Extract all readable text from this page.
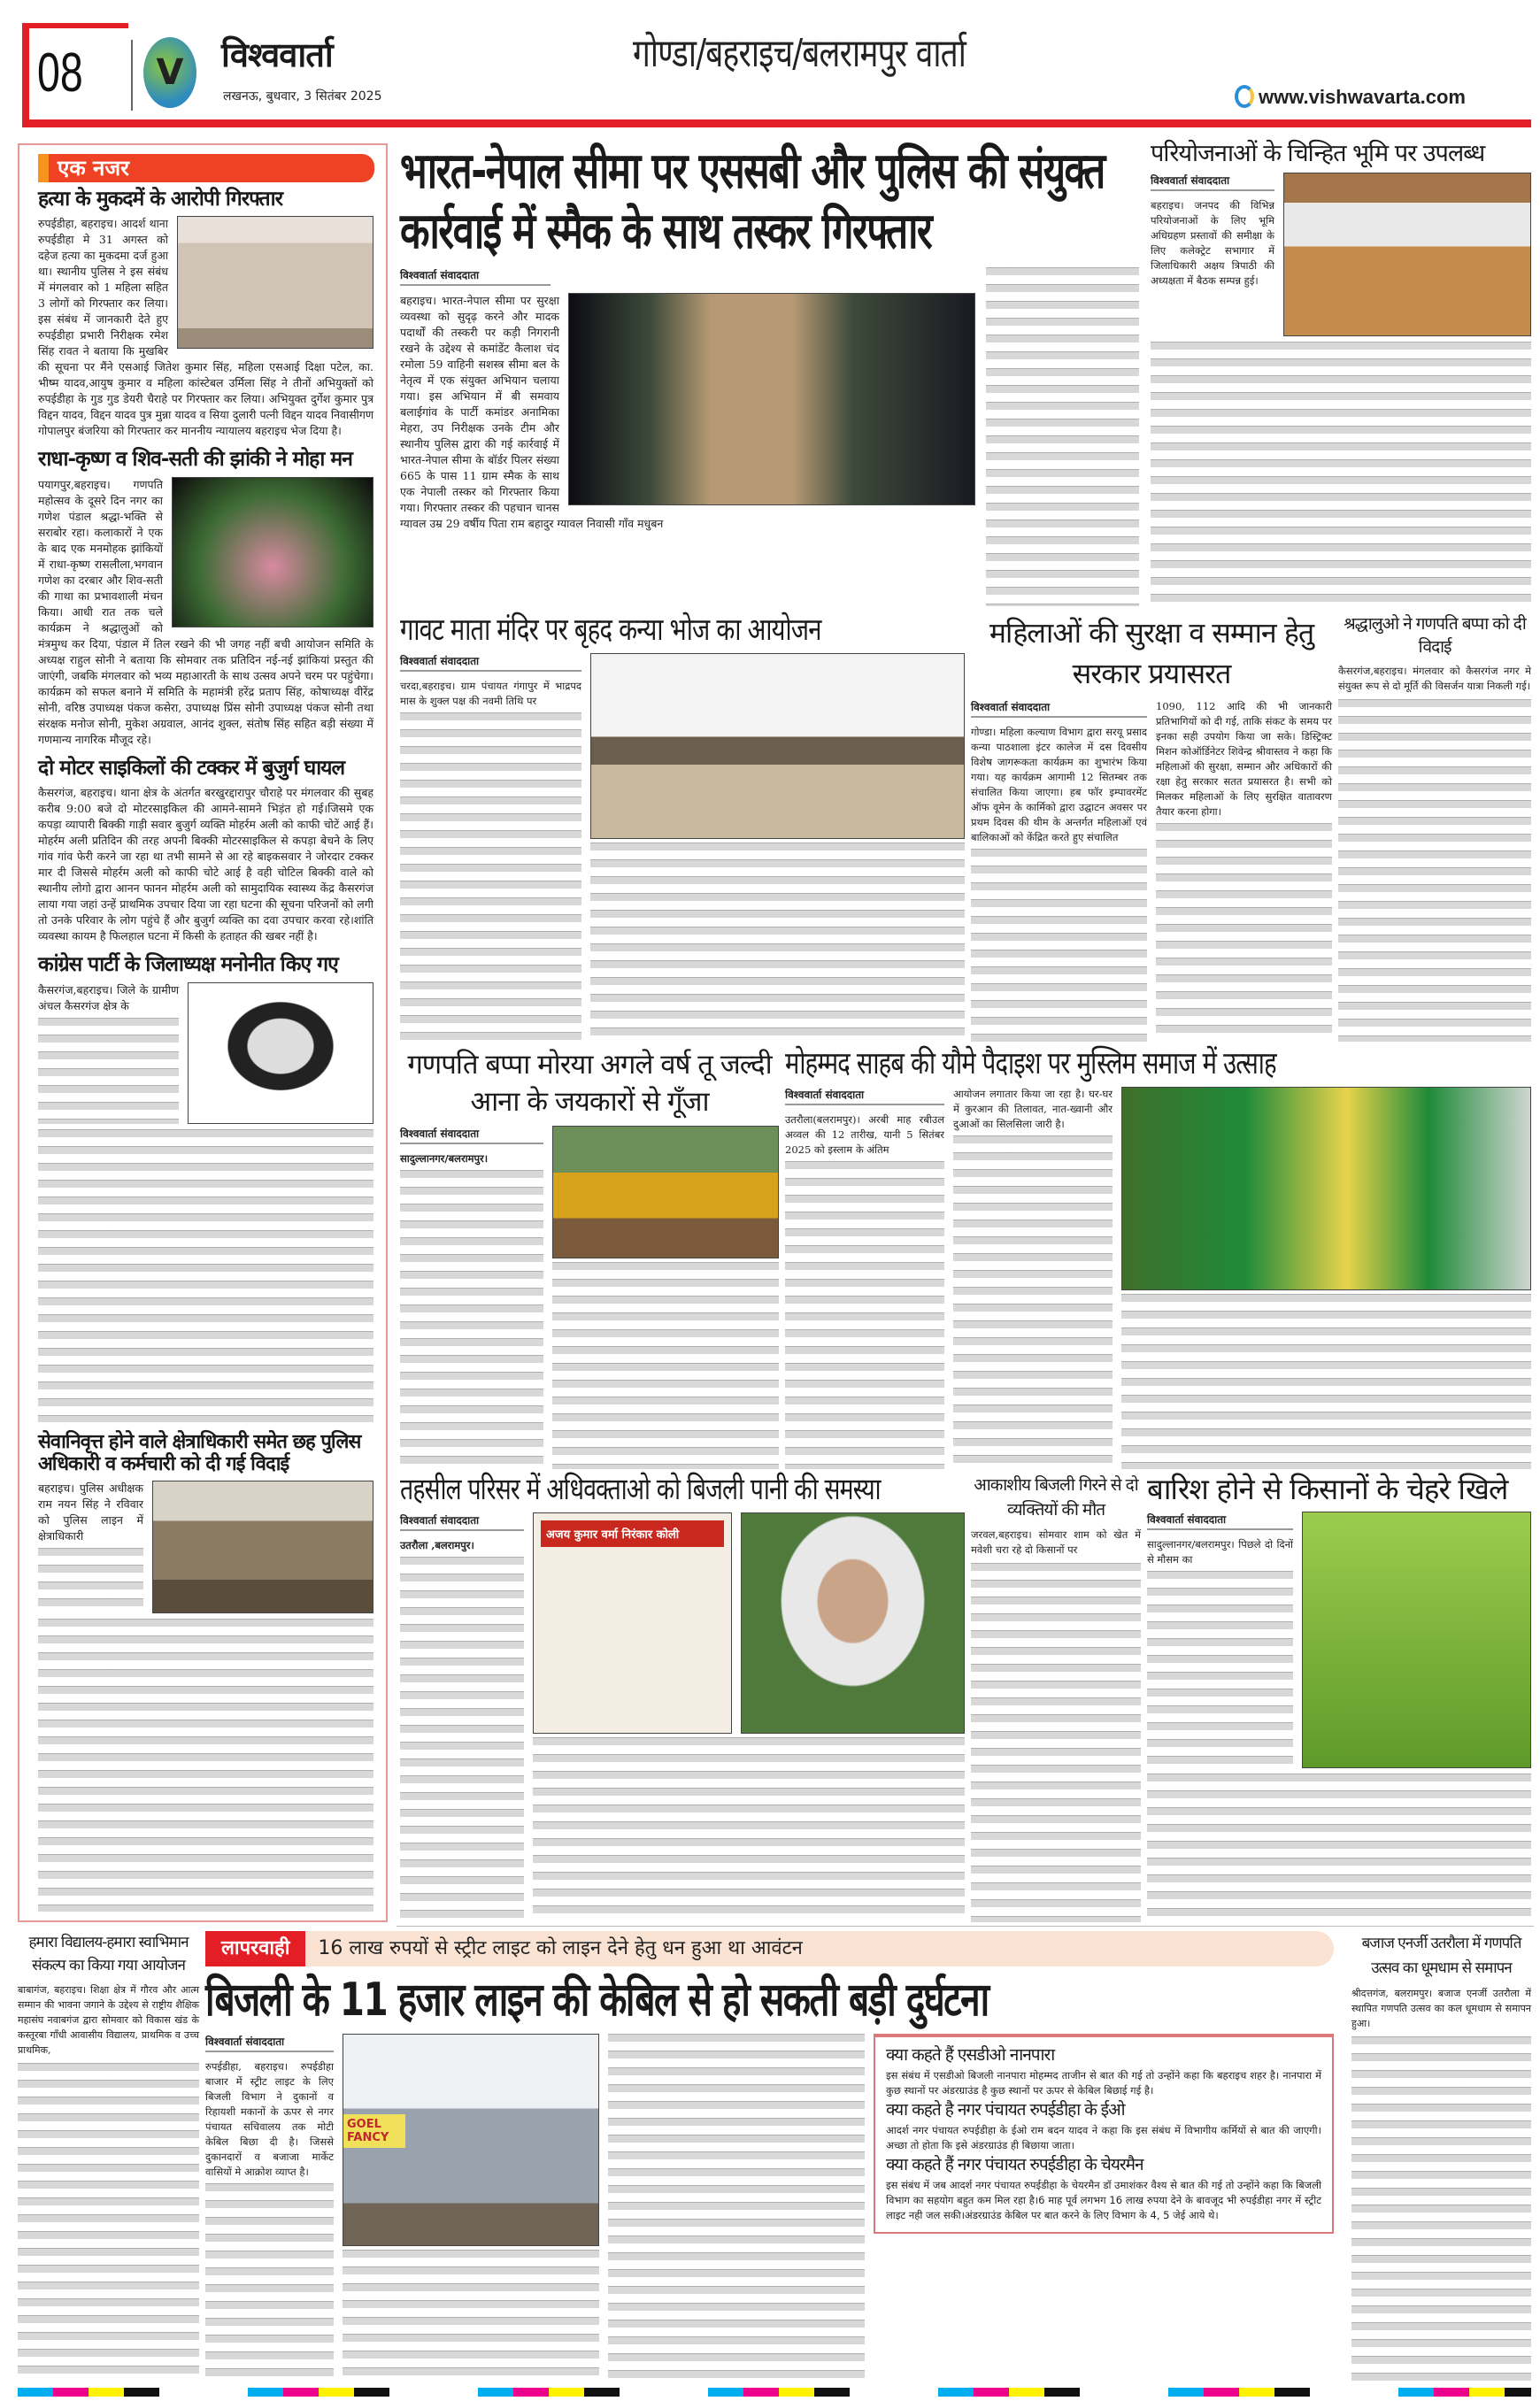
08	V	विश्ववार्ता
लखनऊ, बुधवार, 3 सितंबर 2025
गोण्डा/बहराइच/बलरामपुर वार्ता
www.vishwavarta.com
एक नजर
हत्या के मुकदमें के आरोपी गिरफ्तार
रुपईडीहा, बहराइच। आदर्श थाना रुपईडीहा मे 31 अगस्त को दहेज हत्या का मुकदमा दर्ज हुआ था। स्थानीय पुलिस ने इस संबंध में मंगलवार को 1 महिला सहित 3 लोगों को गिरफ्तार कर लिया। इस संबंध में जानकारी देते हुए रुपईडीहा प्रभारी निरीक्षक रमेश सिंह रावत ने बताया कि मुखबिर की सूचना पर मैंने एसआई जितेश कुमार सिंह, महिला एसआई दिक्षा पटेल, का. भीष्म यादव,आयुष कुमार व महिला कांस्टेबल उर्मिला सिंह ने तीनों अभियुक्तों को रुपईडीहा के गुड गुड डेयरी चैराहे पर गिरफ्तार कर लिया। अभियुक्त दुर्गेश कुमार पुत्र विद्दन यादव, विद्दन यादव पुत्र मुन्ना यादव व सिया दुलारी पत्नी विद्दन यादव निवासीगण गोपालपुर बंजरिया को गिरफ्तार कर माननीय न्यायालय बहराइच भेज दिया है।
राधा-कृष्ण व शिव-सती की झांकी ने मोहा मन
पयागपुर,बहराइच। गणपति महोत्सव के दूसरे दिन नगर का गणेश पंडाल श्रद्धा-भक्ति से सराबोर रहा। कलाकारों ने एक के बाद एक मनमोहक झांकियों में राधा-कृष्ण रासलीला,भगवान गणेश का दरबार और शिव-सती की गाथा का प्रभावशाली मंचन किया। आधी रात तक चले कार्यक्रम ने श्रद्धालुओं को मंत्रमुग्ध कर दिया, पंडाल में तिल रखने की भी जगह नहीं बची आयोजन समिति के अध्यक्ष राहुल सोनी ने बताया कि सोमवार तक प्रतिदिन नई-नई झांकियां प्रस्तुत की जाएंगी, जबकि मंगलवार को भव्य महाआरती के साथ उत्सव अपने चरम पर पहुंचेगा। कार्यक्रम को सफल बनाने में समिति के महामंत्री हरेंद्र प्रताप सिंह, कोषाध्यक्ष वीरेंद्र सोनी, वरिष्ठ उपाध्यक्ष पंकज कसेरा, उपाध्यक्ष प्रिंस सोनी उपाध्यक्ष पंकज सोनी तथा संरक्षक मनोज सोनी, मुकेश अग्रवाल, आनंद शुक्ल, संतोष सिंह सहित बड़ी संख्या में गणमान्य नागरिक मौजूद रहे।
दो मोटर साइकिलों की टक्कर में बुजुर्ग घायल
कैसरगंज, बहराइच। थाना क्षेत्र के अंतर्गत बरखुरद्दारापुर चौराहे पर मंगलवार की सुबह करीब 9:00 बजे दो मोटरसाइकिल की आमने-सामने भिड़ंत हो गई।जिसमे एक कपड़ा व्यापारी बिक्की गाड़ी सवार बुजुर्ग व्यक्ति मोहर्रम अली को काफी चोटें आई हैं। मोहर्रम अली प्रतिदिन की तरह अपनी बिक्की मोटरसाइकिल से कपड़ा बेचने के लिए गांव गांव फेरी करने जा रहा था तभी सामने से आ रहे बाइकसवार ने जोरदार टक्कर मार दी जिससे मोहर्रम अली को काफी चोटे आई है वही चोटिल बिक्की वाले को स्थानीय लोगो द्वारा आनन फानन मोहर्रम अली को सामुदायिक स्वास्थ्य केंद्र कैसरगंज लाया गया जहां उन्हें प्राथमिक उपचार दिया जा रहा घटना की सूचना परिजनों को लगी तो उनके परिवार के लोग पहुंचे हैं और बुजुर्ग व्यक्ति का दवा उपचार करवा रहे।शांति व्यवस्था कायम है फिलहाल घटना में किसी के हताहत की खबर नहीं है।
कांग्रेस पार्टी के जिलाध्यक्ष मनोनीत किए गए
कैसरगंज,बहराइच। जिले के ग्रामीण अंचल कैसरगंज क्षेत्र के
सेवानिवृत्त होने वाले क्षेत्राधिकारी समेत छह पुलिस अधिकारी व कर्मचारी को दी गई विदाई
बहराइच। पुलिस अधीक्षक राम नयन सिंह ने रविवार को पुलिस लाइन में क्षेत्राधिकारी
भारत-नेपाल सीमा पर एससबी और पुलिस की संयुक्त कार्रवाई में स्मैक के साथ तस्कर गिरफ्तार
विश्ववार्ता संवाददाता
बहराइच। भारत-नेपाल सीमा पर सुरक्षा व्यवस्था को सुदृढ़ करने और मादक पदार्थों की तस्करी पर कड़ी निगरानी रखने के उद्देश्य से कमांडेंट कैलाश चंद रमोला 59 वाहिनी सशस्त्र सीमा बल के नेतृत्व में एक संयुक्त अभियान चलाया गया। इस अभियान में बी समवाय बलाईगांव के पार्टी कमांडर अनामिका मेहरा, उप निरीक्षक उनके टीम और स्थानीय पुलिस द्वारा की गई कार्रवाई में भारत-नेपाल सीमा के बॉर्डर पिलर संख्या 665 के पास 11 ग्राम स्मैक के साथ एक नेपाली तस्कर को गिरफ्तार किया गया। गिरफ्तार तस्कर की पहचान चानस ग्यावल उम्र 29 वर्षीय पिता राम बहादुर ग्यावल निवासी गाँव मधुबन
परियोजनाओं के चिन्हित भूमि पर उपलब्ध
विश्ववार्ता संवाददाता
बहराइच। जनपद की विभिन्न परियोजनाओं के लिए भूमि अधिग्रहण प्रस्तावों की समीक्षा के लिए कलेक्ट्रेट सभागार में जिलाधिकारी अक्षय त्रिपाठी की अध्यक्षता में बैठक सम्पन्न हुई।
गावट माता मंदिर पर बृहद कन्या भोज का आयोजन
विश्ववार्ता संवाददाता
चरदा,बहराइच। ग्राम पंचायत गंगापुर में भाद्रपद मास के शुक्ल पक्ष की नवमी तिथि पर
महिलाओं की सुरक्षा व सम्मान हेतु सरकार प्रयासरत
विश्ववार्ता संवाददाता
गोण्डा। महिला कल्याण विभाग द्वारा सरयू प्रसाद कन्या पाठशाला इंटर कालेज में दस दिवसीय विशेष जागरूकता कार्यक्रम का शुभारंभ किया गया। यह कार्यक्रम आगामी 12 सितम्बर तक संचालित किया जाएगा। हब फॉर इम्पावरमेंट ऑफ वूमेन के कार्मिको द्वारा उद्घाटन अवसर पर प्रथम दिवस की थीम के अन्तर्गत महिलाओं एवं बालिकाओं को केंद्रित करते हुए संचालित
1090, 112 आदि की भी जानकारी प्रतिभागियों को दी गई, ताकि संकट के समय पर इनका सही उपयोग किया जा सके। डिस्ट्रिक्ट मिशन कोऑर्डिनेटर शिवेन्द्र श्रीवास्तव ने कहा कि महिलाओं की सुरक्षा, सम्मान और अधिकारों की रक्षा हेतु सरकार सतत प्रयासरत है। सभी को मिलकर महिलाओं के लिए सुरक्षित वातावरण तैयार करना होगा।
श्रद्धालुओ ने गणपति बप्पा को दी विदाई
कैसरगंज,बहराइच। मंगलवार को कैसरगंज नगर मे संयुक्त रूप से दो मूर्ति की विसर्जन यात्रा निकली गई।
गणपति बप्पा मोरया अगले वर्ष तू जल्दी आना के जयकारों से गूँजा
विश्ववार्ता संवाददाता
सादुल्लानगर/बलरामपुर।
मोहम्मद साहब की यौमे पैदाइश पर मुस्लिम समाज में उत्साह
विश्ववार्ता संवाददाता
उतरौला(बलरामपुर)। अरबी माह रबीउल अव्वल की 12 तारीख, यानी 5 सितंबर 2025 को इस्लाम के अंतिम
आयोजन लगातार किया जा रहा है। घर-घर में कुरआन की तिलावत, नात-ख्वानी और दुआओं का सिलसिला जारी है।
तहसील परिसर में अधिवक्ताओ को बिजली पानी की समस्या
विश्ववार्ता संवाददाता
उतरौला ,बलरामपुर।
अजय कुमार वर्मा निरंकार कोली
आकाशीय बिजली गिरने से दो व्यक्तियों की मौत
जरवल,बहराइच। सोमवार शाम को खेत में मवेशी चरा रहे दो किसानों पर
बारिश होने से किसानों के चेहरे खिले
विश्ववार्ता संवाददाता
सादुल्लानगर/बलरामपुर। पिछले दो दिनों से मौसम का
हमारा विद्यालय-हमारा स्वाभिमान संकल्प का किया गया आयोजन
बाबागंज, बहराइच। शिक्षा क्षेत्र में गौरव और आत्म सम्मान की भावना जगाने के उद्देश्य से राष्ट्रीय शैक्षिक महासंघ नवाबगंज द्वारा सोमवार को विकास खंड के कस्तूरबा गाँधी आवासीय विद्यालय, प्राथमिक व उच्च प्राथमिक,
लापरवाही	16 लाख रुपयों से स्ट्रीट लाइट को लाइन देने हेतु धन हुआ था आवंटन
बिजली के 11 हजार लाइन की केबिल से हो सकती बड़ी दुर्घटना
विश्ववार्ता संवाददाता
रुपईडीहा, बहराइच। रुपईडीहा बाजार में स्ट्रीट लाइट के लिए बिजली विभाग ने दुकानों व रिहायशी मकानों के ऊपर से नगर पंचायत सचिवालय तक मोटी केबिल बिछा दी है। जिससे दुकानदारों व बजाजा मार्केट वासियों मे आक्रोश व्याप्त है।
GOEL FANCY
क्या कहते हैं एसडीओ नानपारा
इस संबंध में एसडीओ बिजली नानपारा मोहम्मद ताजीन से बात की गई तो उन्होंने कहा कि बहराइच शहर है। नानपारा में कुछ स्थानों पर अंडरग्राउंड है कुछ स्थानों पर ऊपर से केबिल बिछाई गई है।
क्या कहते है नगर पंचायत रुपईडीहा के ईओ
आदर्श नगर पंचायत रुपईडीहा के ईओ राम बदन यादव ने कहा कि इस संबंध में विभागीय कर्मियों से बात की जाएगी। अच्छा तो होता कि इसे अंडरग्राउंड ही बिछाया जाता।
क्या कहते हैं नगर पंचायत रुपईडीहा के चेयरमैन
इस संबंध में जब आदर्श नगर पंचायत रुपईडीहा के चेयरमैन डॉ उमाशंकर वैश्य से बात की गई तो उन्होंने कहा कि बिजली विभाग का सहयोग बहुत कम मिल रहा है।6 माह पूर्व लगभग 16 लाख रुपया देने के बावजूद भी रुपईडीहा नगर में स्ट्रीट लाइट नही जल सकी।अंडरग्राउंड केबिल पर बात करने के लिए विभाग के 4, 5 जेई आये थे।
बजाज एनर्जी उतरौला में गणपति उत्सव का धूमधाम से समापन
श्रीदत्तगंज, बलरामपुर। बजाज एनर्जी उतरौला में स्थापित गणपति उत्सव का कल धूमधाम से समापन हुआ।
